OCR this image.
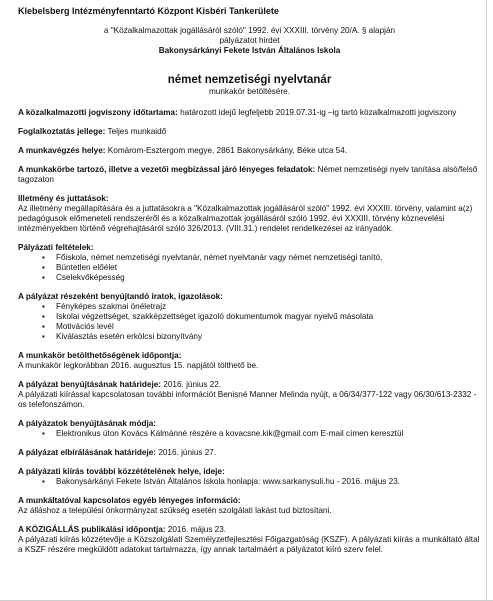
Klebelsberg Intézményfenntartó Központ Kisbéri Tankerülete

a "Közalkalmazottak jogállásáról szóló" 1992. évi XXXIII. törvény 20/A. § alapján

pályázatot hirdet

Bakonysárkányi Fekete István Általános Iskola

német nemzetiségi nyelvtanár

munkakör betöltésére.

A közalkalmazotti jogviszony időtartama: határozott idejű legfeljebb 2019.07.31-ig –ig tartó közalkalmazotti jogviszony

Foglalkoztatás jellege: Teljes munkaidő

A munkavégzés helye: Komárom-Esztergom megye, 2861 Bakonysárkány, Béke utca 54.

A munkakörbe tartozó, illetve a vezetői megbízással járó lényeges feladatok: Német nemzetiségi nyelv tanítása alsó/felső tagozaton

Illetmény és juttatások:

Az illetmény megállapítására és a juttatásokra a "Közalkalmazottak jogállásáról szóló" 1992. évi XXXIII. törvény, valamint a(z) pedagógusok előmeneteli rendszeréről és a közalkalmazottak jogállásáról szóló 1992. évi XXXIII. törvény köznevelési intézményekben történő végrehajtásáról szóló 326/2013. (VIII.31.) rendelet rendelkezései az irányadók.

Pályázati feltételek:

▪ Főiskola, német nemzetiségi nyelvtanár, német nyelvtanár vagy német nemzetiségi tanító,
▪ Büntetlen előélet
▪ Cselekvőképesség

A pályázat részeként benyújtandó iratok, igazolások:

▪ Fényképes szakmai önéletrajz
▪ Iskolai végzettséget, szakképzettséget igazoló dokumentumok magyar nyelvű másolata
▪ Motivációs levél
▪ Kiválasztás esetén erkölcsi bizonyítvány

A munkakör betölthetőségének időpontja:

A munkakör legkorábban 2016. augusztus 15. napjától tölthető be.

A pályázat benyújtásának határideje: 2016. június 22.

A pályázati kiírással kapcsolatosan további információt Benisné Manner Melinda nyújt, a 06/34/377-122 vagy 06/30/613-2332 -os telefonszámon.

A pályázatok benyújtásának módja:

▪ Elektronikus úton Kovács Kálmánné részére a kovacsne.kik@gmail.com E-mail címen keresztül

A pályázat elbírálásának határideje: 2016. június 27.

A pályázati kiírás további közzétételének helye, ideje:

▪ Bakonysárkányi Fekete István Általános Iskola honlapja: www.sarkanysuli.hu - 2016. május 23.

A munkáltatóval kapcsolatos egyéb lényeges információ:

Az álláshoz a települési önkormányzat szükség esetén szolgálati lakást tud biztosítani.

A KÖZIGÁLLÁS publikálási időpontja: 2016. május 23.

A pályázati kiírás közzétevője a Közszolgálati Személyzetfejlesztési Főigazgatóság (KSZF). A pályázati kiírás a munkáltató által a KSZF részére megküldött adatokat tartalmazza, így annak tartalmáért a pályázatot kiíró szerv felel.
